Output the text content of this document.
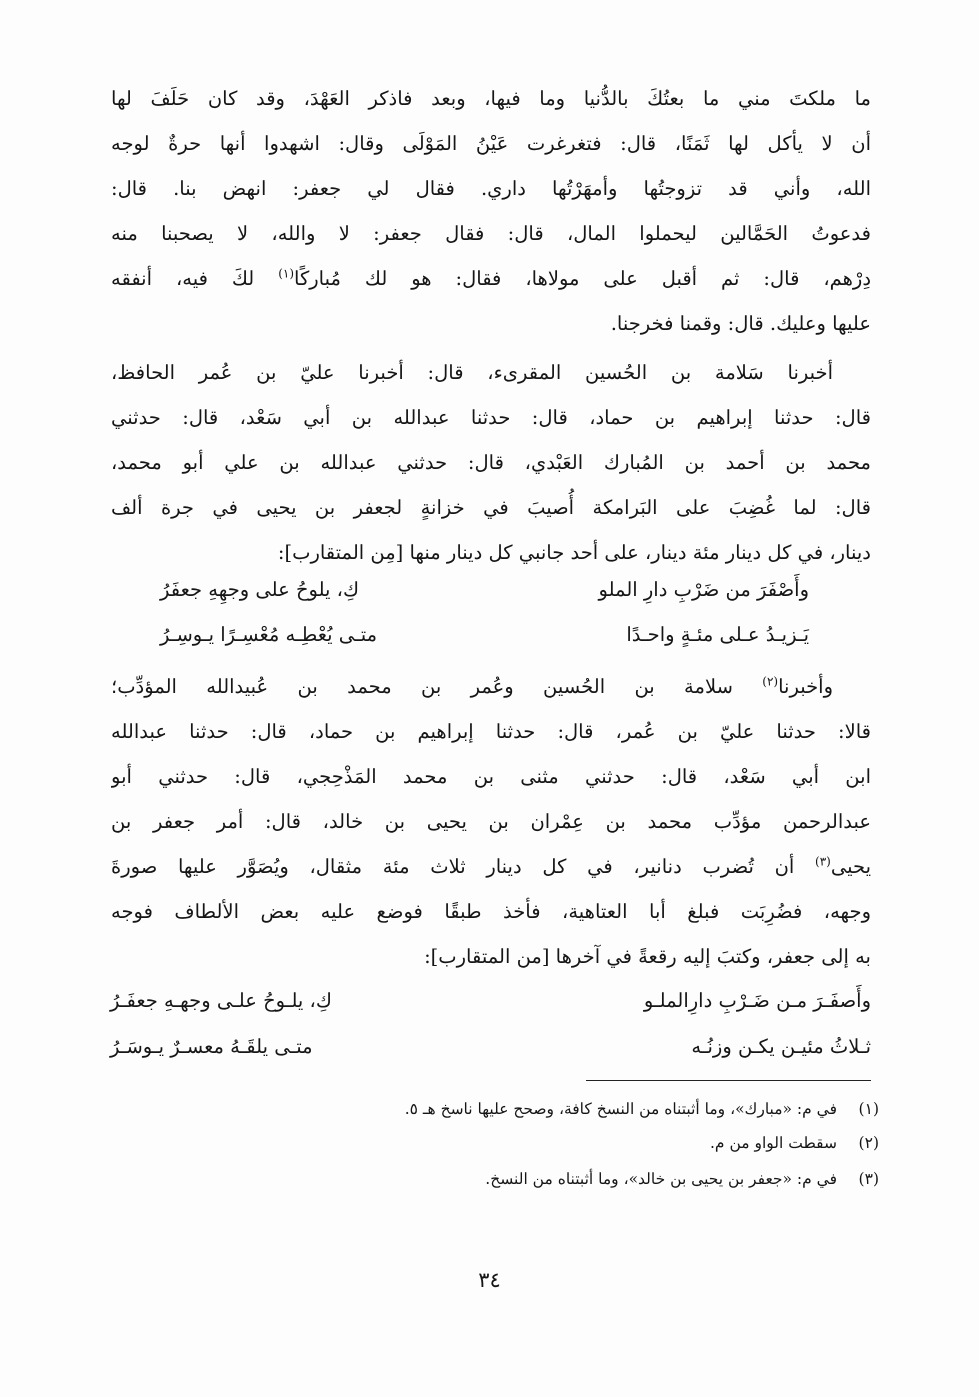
ما ملكتَ مني ما بعتُكَ بالدُّنيا وما فيها، وبعد فاذكر العَهْدَ، وقد كان حَلَفَ لها
أن لا يأكل لها ثَمَنًا، قال: فتغرغرت عَيْنُ المَوْلَى وقال: اشهدوا أنها حرةٌ لوجه
الله، وأني قد تزوجتُها وأمهَرْتُها داري. فقال لي جعفر: انهض بنا. قال:
فدعوتُ الحَمَّالين ليحملوا المال، قال: فقال جعفر: لا والله، لا يصحبنا منه
دِرْهم، قال: ثم أقبل على مولاها، فقال: هو لك مُباركًا$^{(١)}$ لكَ فيه، أنفقه
عليها وعليك. قال: وقمنا فخرجنا.
أخبرنا سَلامة بن الحُسين المقرىء، قال: أخبرنا عليّ بن عُمر الحافظ،
قال: حدثنا إبراهيم بن حماد، قال: حدثنا عبدالله بن أبي سَعْد، قال: حدثني
محمد بن أحمد بن المُبارك العَبْدي، قال: حدثني عبدالله بن علي أبو محمد،
قال: لما غُضِبَ على البَرامكة أُصيبَ في خزانةٍ لجعفر بن يحيى في جرة ألف
دينار، في كل دينار مئة دينار، على أحد جانبي كل دينار منها [مِن المتقارب]:
وأَصْفَرَ من ضَرْبِ دارِ الملو
كِ، يلوحُ على وجهِهِ جعفَرُ
يَـزيـدُ عـلى مئـةٍ واحـدًا
متـى يُعْطِـه مُعْسِـرًا يـوسِـرُ
وأخبرنا$^{(٢)}$ سلامة بن الحُسين وعُمر بن محمد بن عُبيدالله المؤدِّب؛
قالا: حدثنا عليّ بن عُمر، قال: حدثنا إبراهيم بن حماد، قال: حدثنا عبدالله
ابن أبي سَعْد، قال: حدثني مثنى بن محمد المَذْحِجي، قال: حدثني أبو
عبدالرحمن مؤدِّب محمد بن عِمْران بن يحيى بن خالد، قال: أمر جعفر بن
يحيى$^{(٣)}$ أن تُضرب دنانير، في كل دينار ثلاث مئة مثقال، ويُصَوَّر عليها صورةَ
وجهه، فضُرِبَت فبلغ أبا العتاهية، فأخذ طبقًا فوضع عليه بعض الألطاف فوجه
به إلى جعفر، وكتبَ إليه رقعةً في آخرها [من المتقارب]:
وأَصفَـرَ مـن ضَـرْبِ دارِالملـو
كِ، يلـوحُ علـى وجهـهِ جعفَـرُ
ثـلاثُ مئيـن يكـن وزنُـه
متـى يلقَـهُ معسـرٌ يـوسَـرُ
(١)في م: «مبارك»، وما أثبتناه من النسخ كافة، وصحح عليها ناسخ هـ ٥.
(٢)سقطت الواو من م.
(٣)في م: «جعفر بن يحيى بن خالد»، وما أثبتناه من النسخ.
٣٤
